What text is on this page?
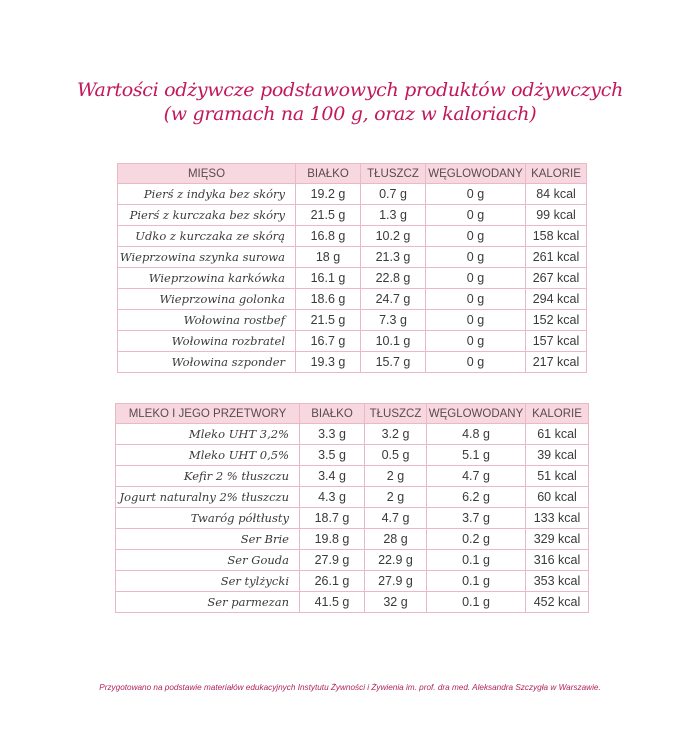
Wartości odżywcze podstawowych produktów odżywczych
(w gramach na 100 g, oraz w kaloriach)
MIĘSO	BIAŁKO	TŁUSZCZ	WĘGLOWODANY	KALORIE
Pierś z indyka bez skóry	19.2 g	0.7 g	0 g	84 kcal
Pierś z kurczaka bez skóry	21.5 g	1.3 g	0 g	99 kcal
Udko z kurczaka ze skórą	16.8 g	10.2 g	0 g	158 kcal
Wieprzowina szynka surowa	18 g	21.3 g	0 g	261 kcal
Wieprzowina karkówka	16.1 g	22.8 g	0 g	267 kcal
Wieprzowina golonka	18.6 g	24.7 g	0 g	294 kcal
Wołowina rostbef	21.5 g	7.3 g	0 g	152 kcal
Wołowina rozbratel	16.7 g	10.1 g	0 g	157 kcal
Wołowina szponder	19.3 g	15.7 g	0 g	217 kcal
MLEKO I JEGO PRZETWORY	BIAŁKO	TŁUSZCZ	WĘGLOWODANY	KALORIE
Mleko UHT 3,2%	3.3 g	3.2 g	4.8 g	61 kcal
Mleko UHT 0,5%	3.5 g	0.5 g	5.1 g	39 kcal
Kefir 2 % tłuszczu	3.4 g	2 g	4.7 g	51 kcal
Jogurt naturalny 2% tłuszczu	4.3 g	2 g	6.2 g	60 kcal
Twaróg półtłusty	18.7 g	4.7 g	3.7 g	133 kcal
Ser Brie	19.8 g	28 g	0.2 g	329 kcal
Ser Gouda	27.9 g	22.9 g	0.1 g	316 kcal
Ser tylżycki	26.1 g	27.9 g	0.1 g	353 kcal
Ser parmezan	41.5 g	32 g	0.1 g	452 kcal
Przygotowano na podstawie materiałów edukacyjnych Instytutu Żywności i Żywienia im. prof. dra med. Aleksandra Szczygła w Warszawie.
